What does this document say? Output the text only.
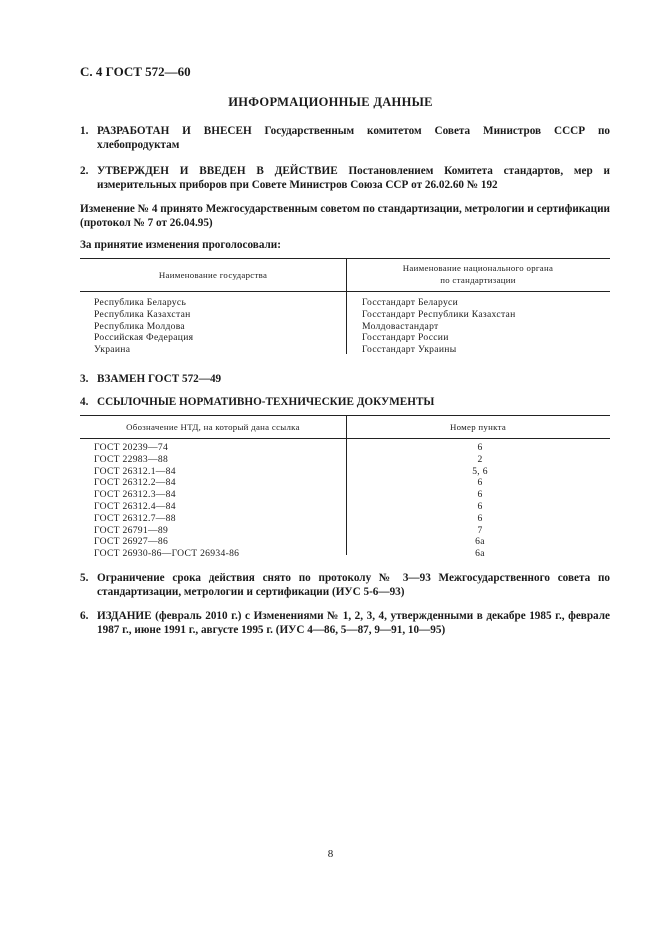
С. 4 ГОСТ 572—60
ИНФОРМАЦИОННЫЕ ДАННЫЕ
1. РАЗРАБОТАН И ВНЕСЕН Государственным комитетом Совета Министров СССР по хлебопродуктам
2. УТВЕРЖДЕН И ВВЕДЕН В ДЕЙСТВИЕ Постановлением Комитета стандартов, мер и измерительных приборов при Совете Министров Союза ССР от 26.02.60 № 192
Изменение № 4 принято Межгосударственным советом по стандартизации, метрологии и сертификации (протокол № 7 от 26.04.95)
За принятие изменения проголосовали:
Наименование государства
Наименование национального органа
по стандартизации
Республика Беларусь
Республика Казахстан
Республика Молдова
Российская Федерация
Украина
Госстандарт Беларуси
Госстандарт Республики Казахстан
Молдовастандарт
Госстандарт России
Госстандарт Украины
3. ВЗАМЕН ГОСТ 572—49
4. ССЫЛОЧНЫЕ НОРМАТИВНО-ТЕХНИЧЕСКИЕ ДОКУМЕНТЫ
Обозначение НТД, на который дана ссылка	Номер пункта
ГОСТ 20239—74
ГОСТ 22983—88
ГОСТ 26312.1—84
ГОСТ 26312.2—84
ГОСТ 26312.3—84
ГОСТ 26312.4—84
ГОСТ 26312.7—88
ГОСТ 26791—89
ГОСТ 26927—86
ГОСТ 26930-86—ГОСТ 26934-86
6
2
5, 6
6
6
6
6
7
6а
6а
5. Ограничение срока действия снято по протоколу № 3—93 Межгосударственного совета по стандартизации, метрологии и сертификации (ИУС 5-6—93)
6. ИЗДАНИЕ (февраль 2010 г.) с Изменениями № 1, 2, 3, 4, утвержденными в декабре 1985 г., феврале 1987 г., июне 1991 г., августе 1995 г. (ИУС 4—86, 5—87, 9—91, 10—95)
8
